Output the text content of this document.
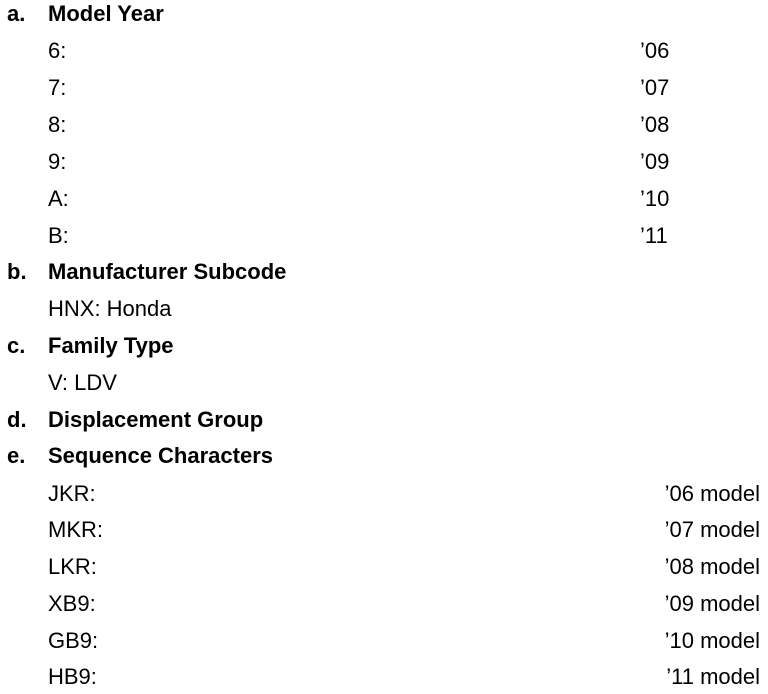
a. Model Year
6:	’06
7:	’07
8:	’08
9:	’09
A:	’10
B:	’11
b. Manufacturer Subcode
HNX: Honda
c. Family Type
V: LDV
d. Displacement Group
e. Sequence Characters
JKR:	’06 model
MKR:	’07 model
LKR:	’08 model
XB9:	’09 model
GB9:	’10 model
HB9:	’11 model
